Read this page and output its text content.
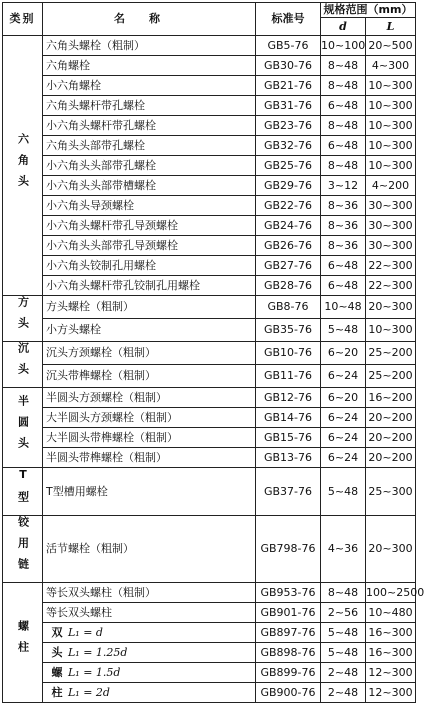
类别	名称	标准号	规格范围（mm）	
			d	L
六角头	六角头螺栓（粗制）	GB5-76	10~100	20~500
	六角螺栓	GB30-76	8~48	4~300
	小六角螺栓	GB21-76	8~48	10~300
	六角头螺杆带孔螺栓	GB31-76	6~48	10~300
	小六角头螺杆带孔螺栓	GB23-76	8~48	10~300
	六角头头部带孔螺栓	GB32-76	6~48	10~300
	小六角头头部带孔螺栓	GB25-76	8~48	10~300
	小六角头头部带槽螺栓	GB29-76	3~12	4~200
	小六角头导颈螺栓	GB22-76	8~36	30~300
	小六角头螺杆带孔导颈螺栓	GB24-76	8~36	30~300
	小六角头头部带孔导颈螺栓	GB26-76	8~36	30~300
	小六角头铰制孔用螺栓	GB27-76	6~48	22~300
	小六角头螺杆带孔铰制孔用螺栓	GB28-76	6~48	22~300
方头	方头螺栓（粗制）	GB8-76	10~48	20~300
	小方头螺栓	GB35-76	5~48	10~300
沉头	沉头方颈螺栓（粗制）	GB10-76	6~20	25~200
	沉头带榫螺栓（粗制）	GB11-76	6~24	25~200
半圆头	半圆头方颈螺栓（粗制）	GB12-76	6~20	16~200
	大半圆头方颈螺栓（粗制）	GB14-76	6~24	20~200
	大半圆头带榫螺栓（粗制）	GB15-76	6~24	20~200
	半圆头带榫螺栓（粗制）	GB13-76	6~24	20~200
T型	T型槽用螺栓	GB37-76	5~48	25~300
铰用链	活节螺栓（粗制）	GB798-76	4~36	20~300
螺柱	等长双头螺柱（粗制）	GB953-76	8~48	100~2500
	等长双头螺柱	GB901-76	2~56	10~480

	双 L₁ = d	GB897-76	5~48	16~300

	头 L₁ = 1.25d	GB898-76	5~48	16~300

	螺 L₁ = 1.5d	GB899-76	2~48	12~300

	柱 L₁ = 2d	GB900-76	2~48	12~300
